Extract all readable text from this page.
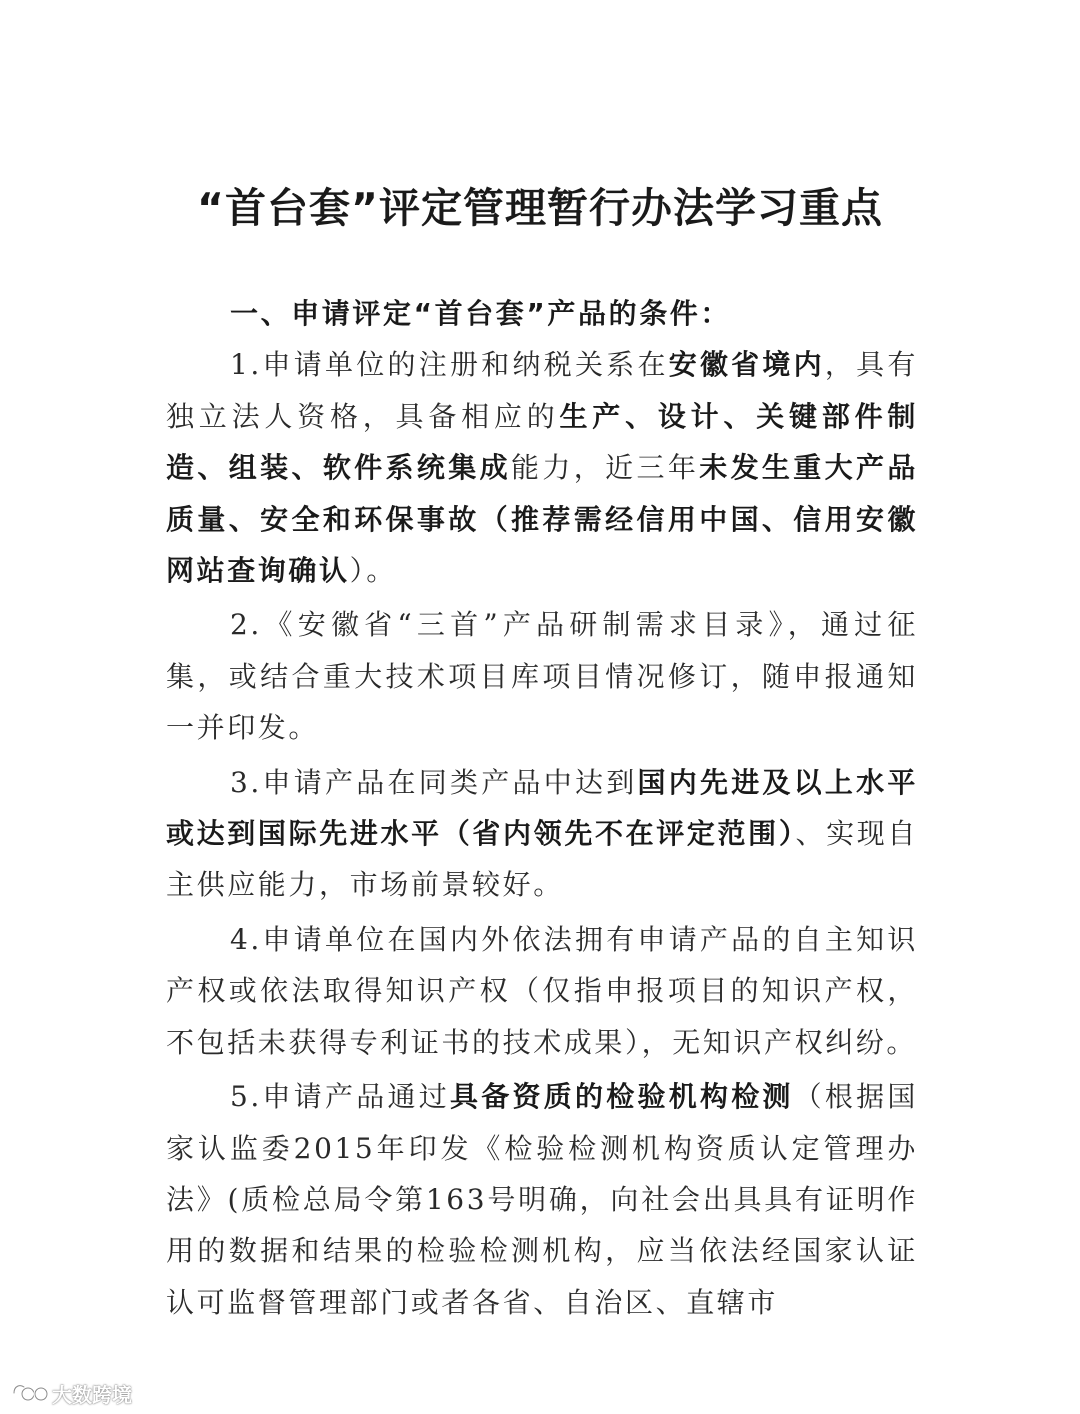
“首台套”评定管理暂行办法学习重点

一、申请评定“首台套”产品的条件：

1.申请单位的注册和纳税关系在安徽省境内，具有独立法人资格，具备相应的生产、设计、关键部件制造、组装、软件系统集成能力，近三年未发生重大产品质量、安全和环保事故（推荐需经信用中国、信用安徽网站查询确认）。

2.《安徽省“三首”产品研制需求目录》，通过征集，或结合重大技术项目库项目情况修订，随申报通知一并印发。

3.申请产品在同类产品中达到国内先进及以上水平或达到国际先进水平（省内领先不在评定范围）、实现自主供应能力，市场前景较好。

4.申请单位在国内外依法拥有申请产品的自主知识产权或依法取得知识产权（仅指申报项目的知识产权，不包括未获得专利证书的技术成果），无知识产权纠纷。

5.申请产品通过具备资质的检验机构检测（根据国家认监委2015年印发《检验检测机构资质认定管理办法》(质检总局令第163号明确，向社会出具具有证明作用的数据和结果的检验检测机构，应当依法经国家认证认可监督管理部门或者各省、自治区、直辖市

大数跨境
